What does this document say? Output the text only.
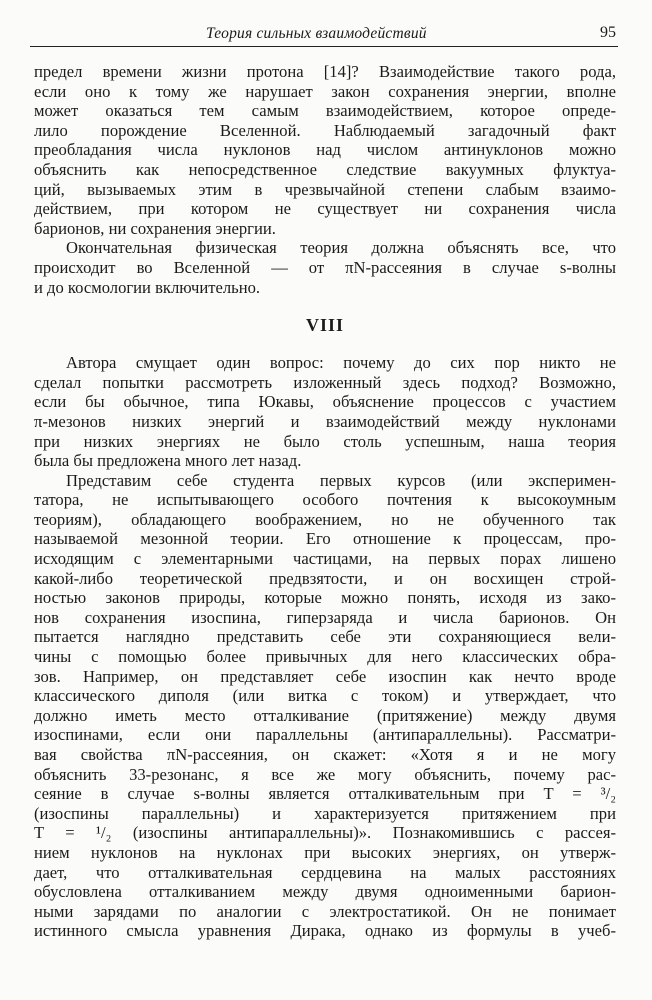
Теория сильных взаимодействий	95
предел времени жизни протона [14]? Взаимодействие такого рода,
если оно к тому же нарушает закон сохранения энергии, вполне
может оказаться тем самым взаимодействием, которое опреде-
лило порождение Вселенной. Наблюдаемый загадочный факт
преобладания числа нуклонов над числом антинуклонов можно
объяснить как непосредственное следствие вакуумных флуктуа-
ций, вызываемых этим в чрезвычайной степени слабым взаимо-
действием, при котором не существует ни сохранения числа
барионов, ни сохранения энергии.
Окончательная физическая теория должна объяснять все, что
происходит во Вселенной — от πN-рассеяния в случае s-волны
и до космологии включительно.
VIII
Автора смущает один вопрос: почему до сих пор никто не
сделал попытки рассмотреть изложенный здесь подход? Возможно,
если бы обычное, типа Юкавы, объяснение процессов с участием
π-мезонов низких энергий и взаимодействий между нуклонами
при низких энергиях не было столь успешным, наша теория
была бы предложена много лет назад.
Представим себе студента первых курсов (или эксперимен-
татора, не испытывающего особого почтения к высокоумным
теориям), обладающего воображением, но не обученного так
называемой мезонной теории. Его отношение к процессам, про-
исходящим с элементарными частицами, на первых порах лишено
какой-либо теоретической предвзятости, и он восхищен строй-
ностью законов природы, которые можно понять, исходя из зако-
нов сохранения изоспина, гиперзаряда и числа барионов. Он
пытается наглядно представить себе эти сохраняющиеся вели-
чины с помощью более привычных для него классических обра-
зов. Например, он представляет себе изоспин как нечто вроде
классического диполя (или витка с током) и утверждает, что
должно иметь место отталкивание (притяжение) между двумя
изоспинами, если они параллельны (антипараллельны). Рассматри-
вая свойства πN-рассеяния, он скажет: «Хотя я и не могу
объяснить 33-резонанс, я все же могу объяснить, почему рас-
сеяние в случае s-волны является отталкивательным при T = ³/₂
(изоспины параллельны) и характеризуется притяжением при
T = ¹/₂ (изоспины антипараллельны)». Познакомившись с рассея-
нием нуклонов на нуклонах при высоких энергиях, он утверж-
дает, что отталкивательная сердцевина на малых расстояниях
обусловлена отталкиванием между двумя одноименными барион-
ными зарядами по аналогии с электростатикой. Он не понимает
истинного смысла уравнения Дирака, однако из формулы в учеб-
